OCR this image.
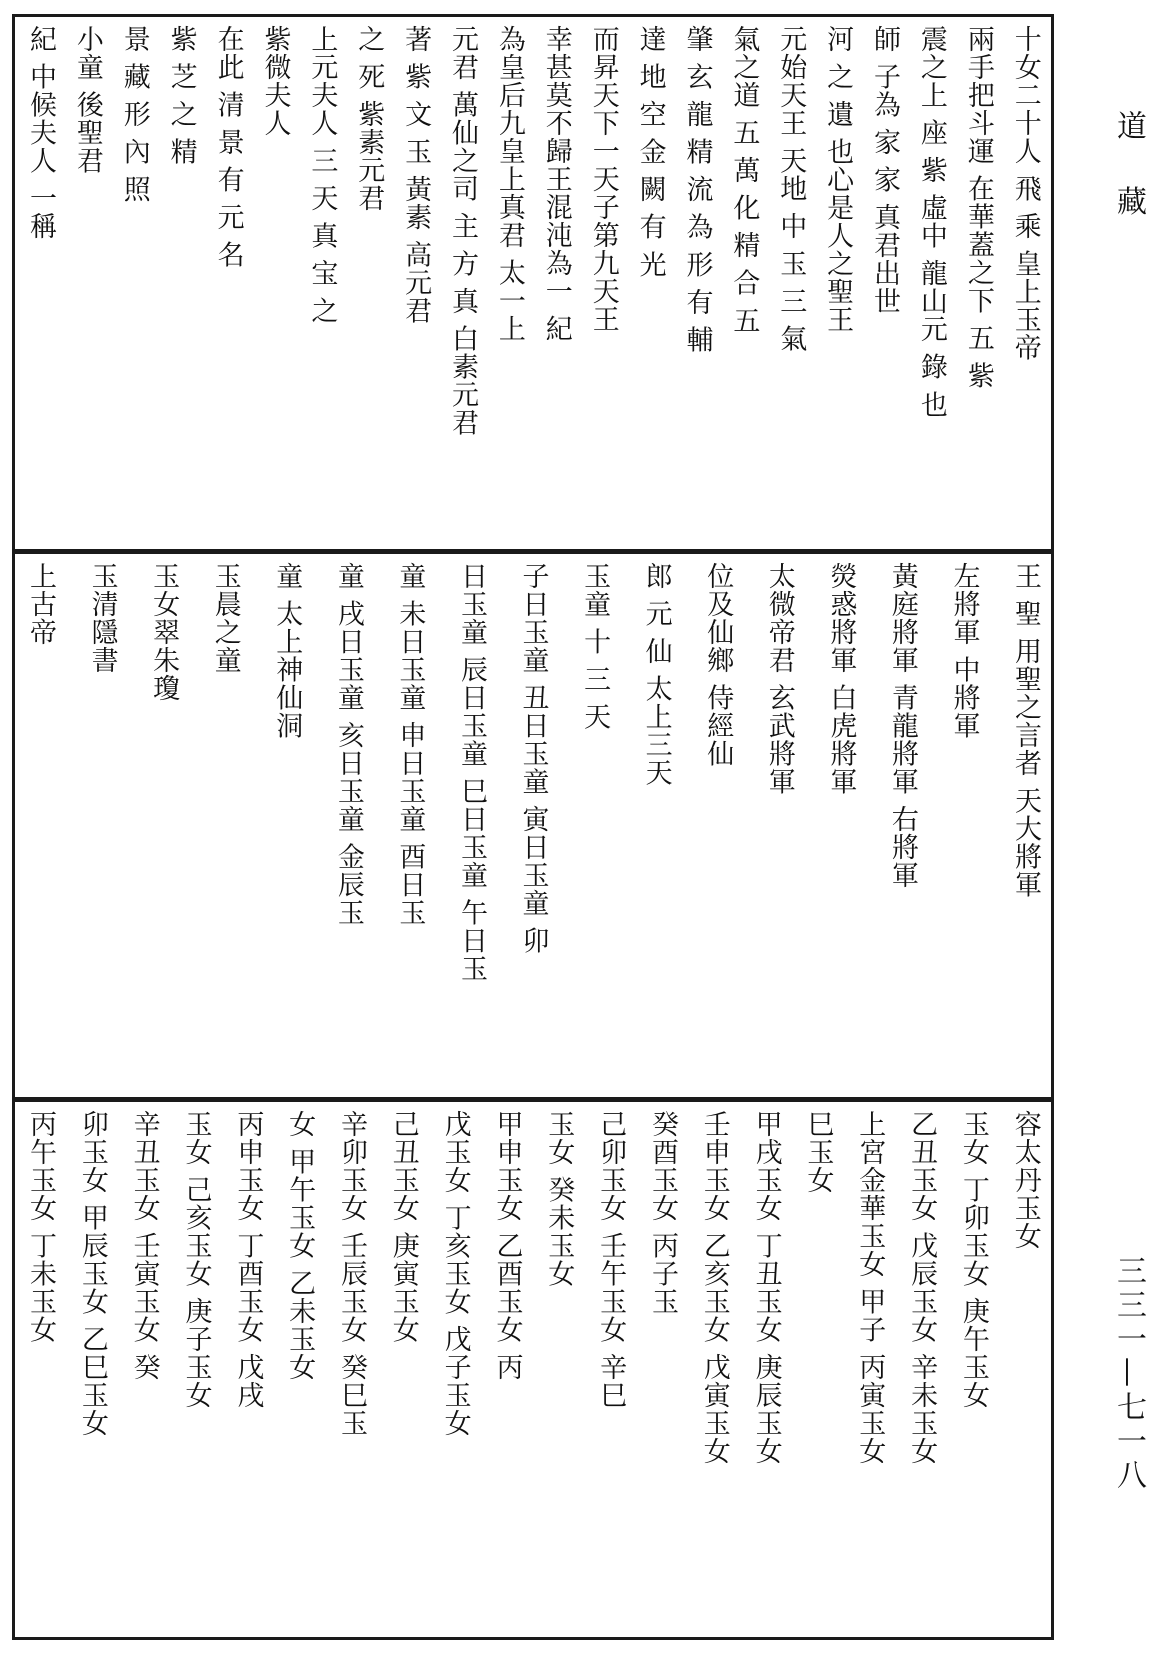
道 藏
三三一—七一八
十女二十人 飛 乘 皇上玉帝
兩手把斗運 在華蓋之下 五 紫
震之上 座 紫 虛中 龍山元 錄 也
師 子為 家 家 真君出世
河 之 遺 也心是人之聖王
元始天王 天地 中 玉 三 氣
氣之道 五 萬 化 精 合 五
肇 玄 龍 精 流 為 形 有 輔
達 地 空 金 闕 有 光
而昇天下一天子第九天王
幸甚莫不歸王混沌為一 紀
為皇后九皇上真君 太一上
元君 萬仙之司 主 方 真 白素元君
著 紫 文 玉 黃素 高元君
之 死 紫素元君
上元夫人 三 天 真 宝 之
紫微夫人
在此 清 景 有 元 名
紫 芝 之 精
景 藏 形 內 照
小童 後聖君
紀 中候夫人 一稱
王 聖 用聖之言者 天大將軍
左將軍 中將軍
黃庭將軍 青龍將軍 右將軍
熒惑將軍 白虎將軍
太微帝君 玄武將軍
位及仙鄉 侍經仙
郎 元 仙 太上三天
玉童 十 三 天
子日玉童 丑日玉童 寅日玉童 卯
日玉童 辰日玉童 巳日玉童 午日玉
童 未日玉童 申日玉童 酉日玉
童 戌日玉童 亥日玉童 金辰玉
童 太上神仙洞
玉晨之童
玉女翠朱瓊
玉清隱書
上古帝
容太丹玉女
玉女 丁卯玉女 庚午玉女
乙丑玉女 戊辰玉女 辛未玉女
上宮金華玉女 甲子 丙寅玉女
巳玉女
甲戌玉女 丁丑玉女 庚辰玉女
壬申玉女 乙亥玉女 戊寅玉女
癸酉玉女 丙子玉
己卯玉女 壬午玉女 辛巳
玉女 癸未玉女
甲申玉女 乙酉玉女 丙
戊玉女 丁亥玉女 戊子玉女
己丑玉女 庚寅玉女
辛卯玉女 壬辰玉女 癸巳玉
女 甲午玉女 乙未玉女
丙申玉女 丁酉玉女 戊戌
玉女 己亥玉女 庚子玉女
辛丑玉女 壬寅玉女 癸
卯玉女 甲辰玉女 乙巳玉女
丙午玉女 丁未玉女
